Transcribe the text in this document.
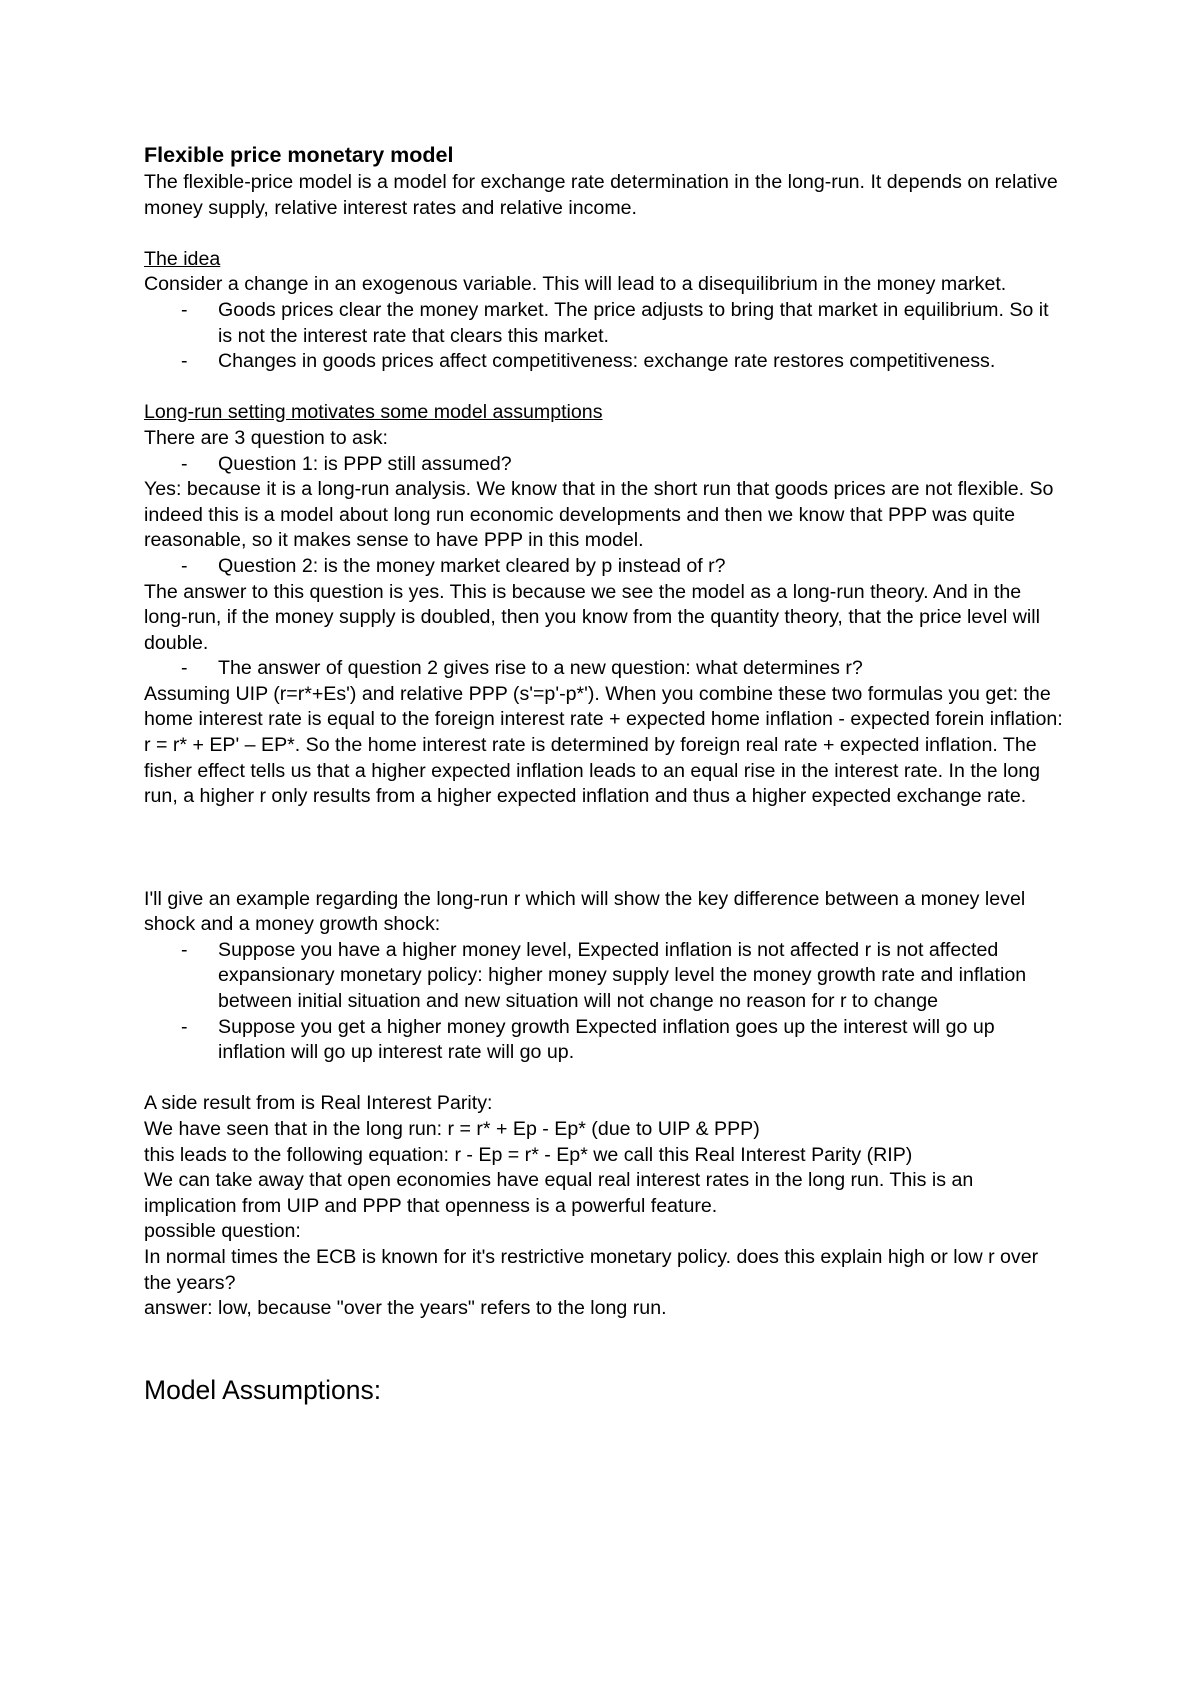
Flexible price monetary model

The flexible-price model is a model for exchange rate determination in the long-run. It depends on relative money supply, relative interest rates and relative income.

The idea

Consider a change in an exogenous variable. This will lead to a disequilibrium in the money market.

- Goods prices clear the money market. The price adjusts to bring that market in equilibrium. So it is not the interest rate that clears this market.
- Changes in goods prices affect competitiveness: exchange rate restores competitiveness.

Long-run setting motivates some model assumptions

There are 3 question to ask:

- Question 1: is PPP still assumed?

Yes: because it is a long-run analysis. We know that in the short run that goods prices are not flexible. So indeed this is a model about long run economic developments and then we know that PPP was quite reasonable, so it makes sense to have PPP in this model.

- Question 2: is the money market cleared by p instead of r?

The answer to this question is yes. This is because we see the model as a long-run theory. And in the long-run, if the money supply is doubled, then you know from the quantity theory, that the price level will double.

- The answer of question 2 gives rise to a new question: what determines r?

Assuming UIP (r=r*+Es') and relative PPP (s'=p'-p*'). When you combine these two formulas you get: the home interest rate is equal to the foreign interest rate + expected home inflation - expected forein inflation: r = r* + EP' – EP*. So the home interest rate is determined by foreign real rate + expected inflation. The fisher effect tells us that a higher expected inflation leads to an equal rise in the interest rate. In the long run, a higher r only results from a higher expected inflation and thus a higher expected exchange rate.

I'll give an example regarding the long-run r which will show the key difference between a money level shock and a money growth shock:

- Suppose you have a higher money level, Expected inflation is not affected r is not affected expansionary monetary policy: higher money supply level the money growth rate and inflation between initial situation and new situation will not change no reason for r to change
- Suppose you get a higher money growth Expected inflation goes up the interest will go up inflation will go up interest rate will go up.

A side result from is Real Interest Parity:

We have seen that in the long run: r = r* + Ep - Ep* (due to UIP & PPP)

this leads to the following equation: r - Ep = r* - Ep* we call this Real Interest Parity (RIP)

We can take away that open economies have equal real interest rates in the long run. This is an implication from UIP and PPP that openness is a powerful feature.

possible question:

In normal times the ECB is known for it's restrictive monetary policy. does this explain high or low r over the years?

answer: low, because "over the years" refers to the long run.

Model Assumptions:
